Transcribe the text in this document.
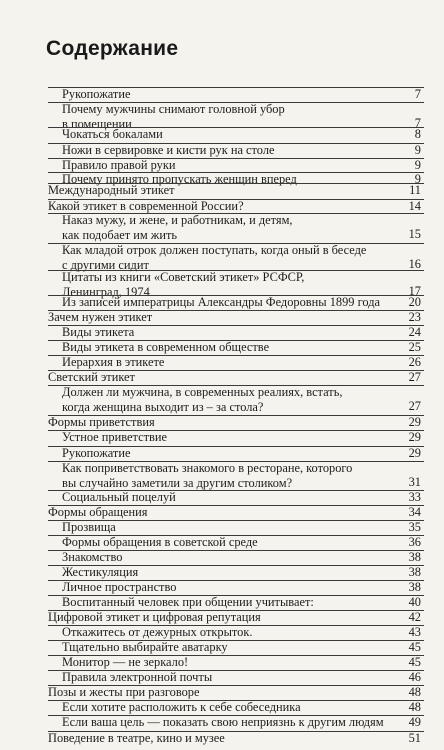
Содержание
Рукопожатие	7
Почему мужчины снимают головной убор
в помещении	7
Чокаться бокалами	8
Ножи в сервировке и кисти рук на столе	9
Правило правой руки	9
Почему принято пропускать женщин вперед	9
Международный этикет	11
Какой этикет в современной России?	14
Наказ мужу, и жене, и работникам, и детям,
как подобает им жить	15
Как младой отрок должен поступать, когда оный в беседе
с другими сидит	16
Цитаты из книги «Советский этикет» РСФСР,
Ленинград, 1974	17
Из записей императрицы Александры Федоровны 1899 года 20
Зачем нужен этикет	23
Виды этикета	24
Виды этикета в современном обществе	25
Иерархия в этикете	26
Светский этикет	27
Должен ли мужчина, в современных реалиях, встать,
когда женщина выходит из – за стола?	27
Формы приветствия	29
Устное приветствие	29
Рукопожатие	29
Как поприветствовать знакомого в ресторане, которого
вы случайно заметили за другим столиком?	31
Социальный поцелуй	33
Формы обращения	34
Прозвища	35
Формы обращения в советской среде	36
Знакомство	38
Жестикуляция	38
Личное пространство	38
Воспитанный человек при общении учитывает:	40
Цифровой этикет и цифровая репутация	42
Откажитесь от дежурных открыток.	43
Тщательно выбирайте аватарку	45
Монитор — не зеркало!	45
Правила электронной почты	46
Позы и жесты при разговоре	48
Если хотите расположить к себе собеседника	48
Если ваша цель — показать свою неприязнь к другим людям 49
Поведение в театре, кино и музее	51
